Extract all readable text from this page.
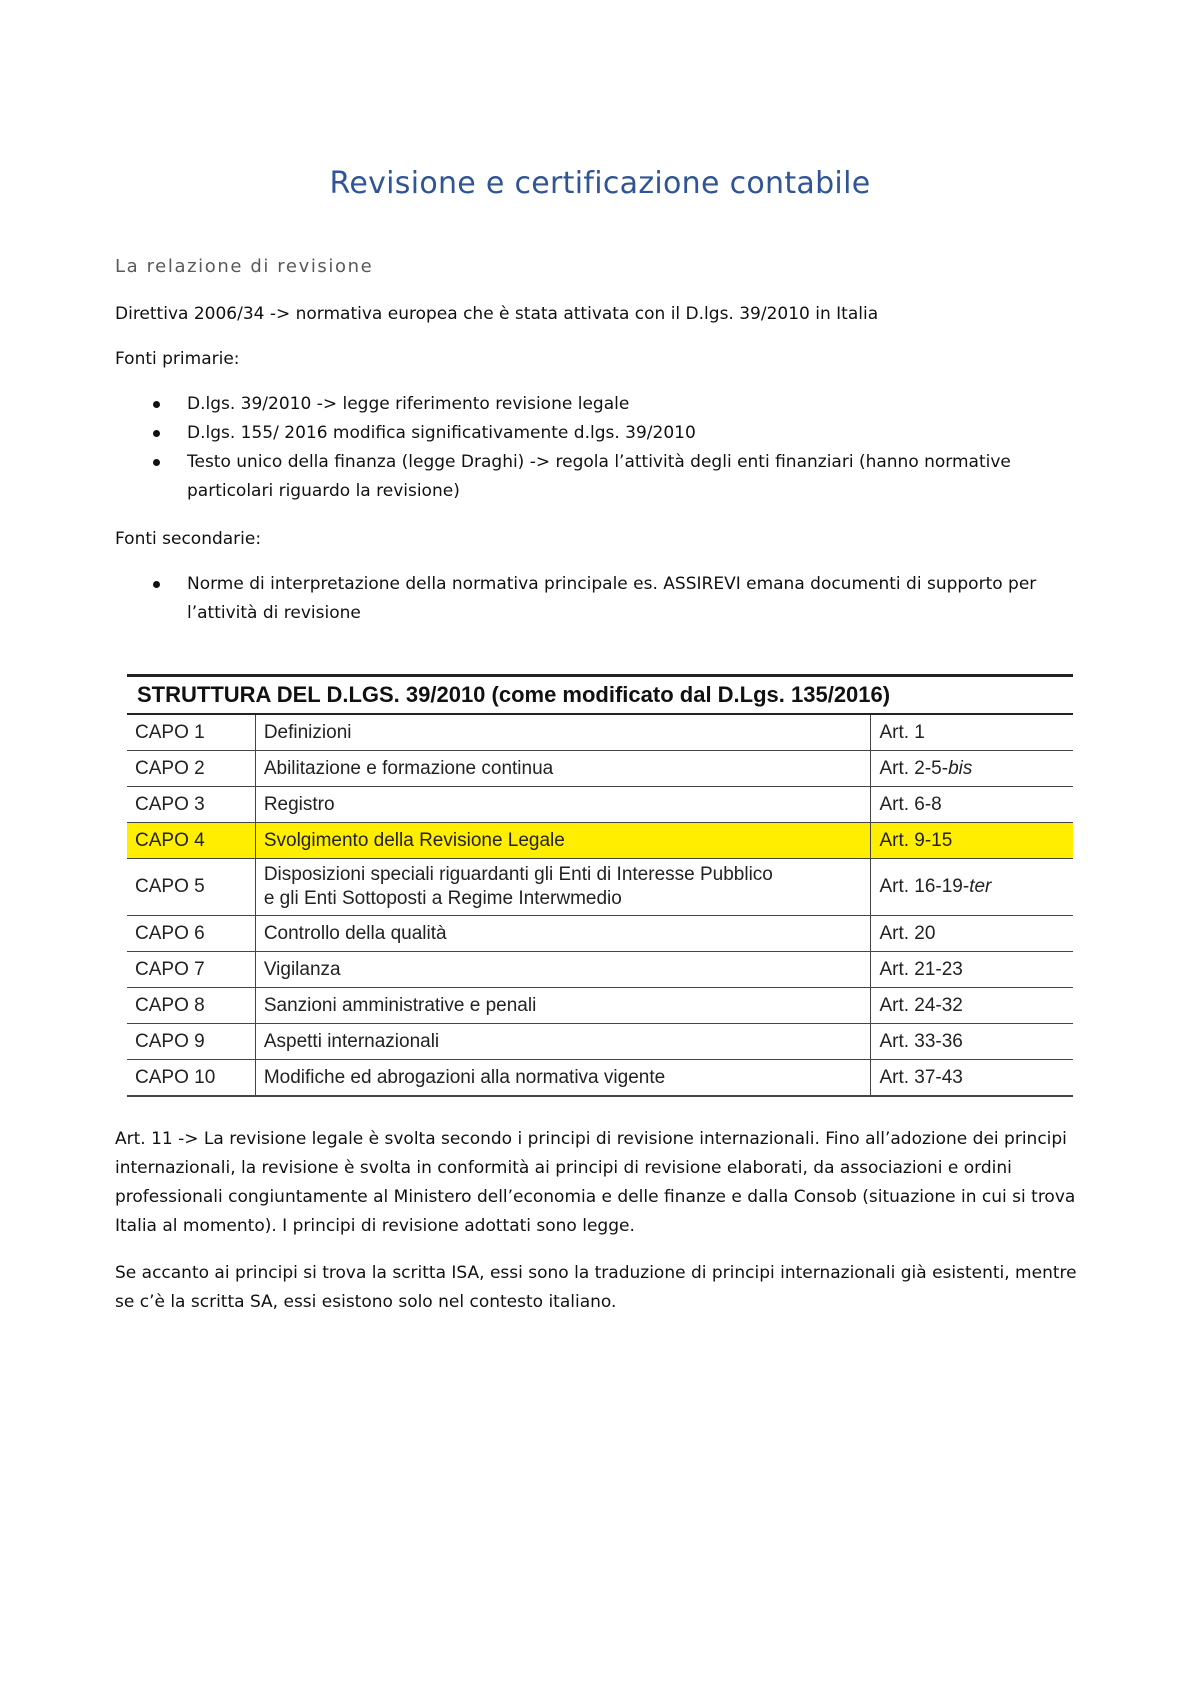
Revisione e certificazione contabile

La relazione di revisione

Direttiva 2006/34 -> normativa europea che è stata attivata con il D.lgs. 39/2010 in Italia

Fonti primarie:

D.lgs. 39/2010 -> legge riferimento revisione legale
D.lgs. 155/ 2016 modifica significativamente d.lgs. 39/2010
Testo unico della finanza (legge Draghi) -> regola l’attività degli enti finanziari (hanno normative particolari riguardo la revisione)

Fonti secondarie:

Norme di interpretazione della normativa principale es. ASSIREVI emana documenti di supporto per l’attività di revisione
STRUTTURA DEL D.LGS. 39/2010 (come modificato dal D.Lgs. 135/2016)		
CAPO 1	Definizioni	Art. 1
CAPO 2	Abilitazione e formazione continua	Art. 2-5-bis
CAPO 3	Registro	Art. 6-8
CAPO 4	Svolgimento della Revisione Legale	Art. 9-15
CAPO 5	Disposizioni speciali riguardanti gli Enti di Interesse Pubblico
e gli Enti Sottoposti a Regime Interwmedio	Art. 16-19-ter
CAPO 6	Controllo della qualità	Art. 20
CAPO 7	Vigilanza	Art. 21-23
CAPO 8	Sanzioni amministrative e penali	Art. 24-32
CAPO 9	Aspetti internazionali	Art. 33-36
CAPO 10	Modifiche ed abrogazioni alla normativa vigente	Art. 37-43

Art. 11 -> La revisione legale è svolta secondo i principi di revisione internazionali. Fino all’adozione dei principi internazionali, la revisione è svolta in conformità ai principi di revisione elaborati, da associazioni e ordini professionali congiuntamente al Ministero dell’economia e delle finanze e dalla Consob (situazione in cui si trova Italia al momento). I principi di revisione adottati sono legge.

Se accanto ai principi si trova la scritta ISA, essi sono la traduzione di principi internazionali già esistenti, mentre se c’è la scritta SA, essi esistono solo nel contesto italiano.
